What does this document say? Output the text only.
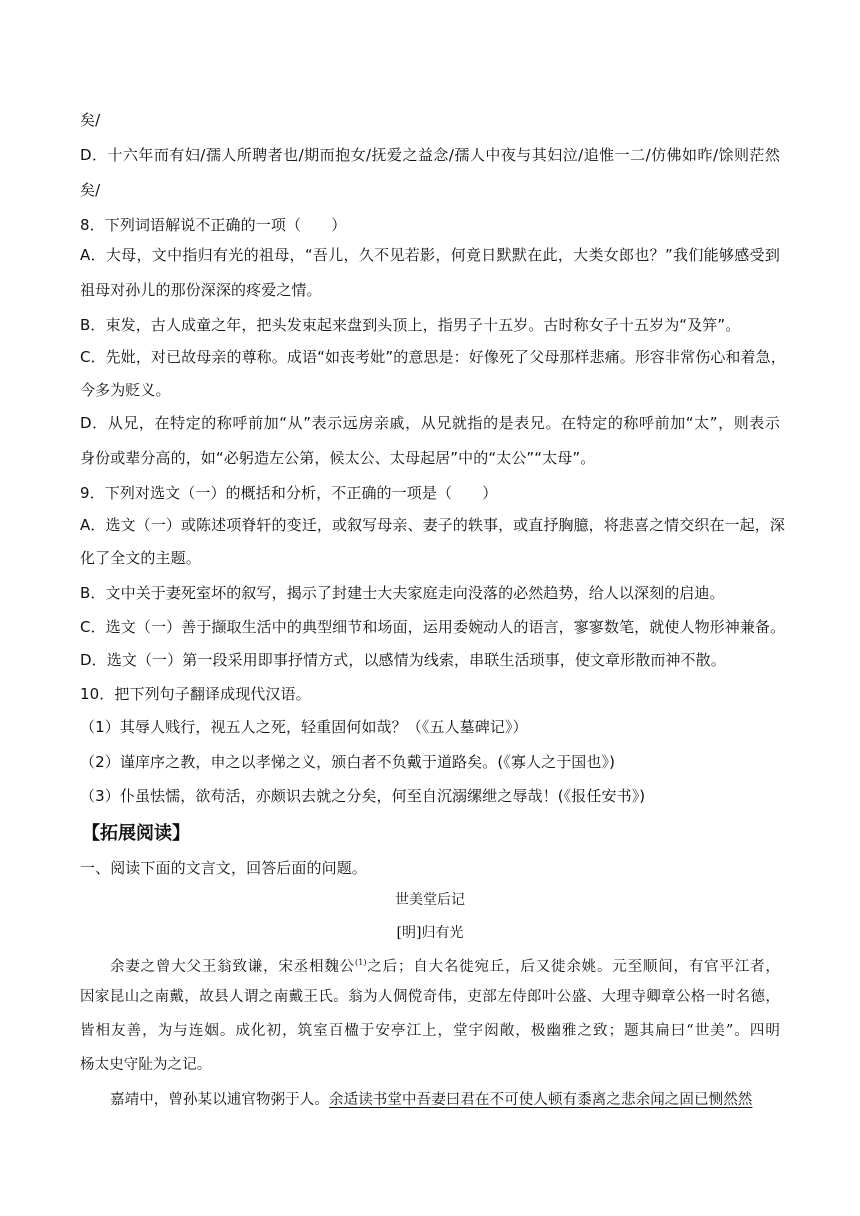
矣/
D．十六年而有妇/孺人所聘者也/期而抱女/抚爱之益念/孺人中夜与其妇泣/追惟一二/仿佛如昨/馀则茫然
矣/
8．下列词语解说不正确的一项（　　）
A．大母，文中指归有光的祖母，“吾儿，久不见若影，何竟日默默在此，大类女郎也？”我们能够感受到
祖母对孙儿的那份深深的疼爱之情。
B．束发，古人成童之年，把头发束起来盘到头顶上，指男子十五岁。古时称女子十五岁为“及笄”。
C．先妣，对已故母亲的尊称。成语“如丧考妣”的意思是：好像死了父母那样悲痛。形容非常伤心和着急，
今多为贬义。
D．从兄，在特定的称呼前加“从”表示远房亲戚，从兄就指的是表兄。在特定的称呼前加“太”，则表示
身份或辈分高的，如“必躬造左公第，候太公、太母起居”中的“太公”“太母”。
9．下列对选文（一）的概括和分析，不正确的一项是（　　）
A．选文（一）或陈述项脊轩的变迁，或叙写母亲、妻子的轶事，或直抒胸臆，将悲喜之情交织在一起，深
化了全文的主题。
B．文中关于妻死室坏的叙写，揭示了封建士大夫家庭走向没落的必然趋势，给人以深刻的启迪。
C．选文（一）善于撷取生活中的典型细节和场面，运用委婉动人的语言，寥寥数笔，就使人物形神兼备。
D．选文（一）第一段采用即事抒情方式，以感情为线索，串联生活琐事，使文章形散而神不散。
10．把下列句子翻译成现代汉语。
（1）其辱人贱行，视五人之死，轻重固何如哉？（《五人墓碑记》）
（2）谨庠序之教，申之以孝悌之义，颁白者不负戴于道路矣。(《寡人之于国也》)
（3）仆虽怯懦，欲苟活，亦颇识去就之分矣，何至自沉溺缧绁之辱哉！(《报任安书》)
【拓展阅读】
一、阅读下面的文言文，回答后面的问题。
世美堂后记
[明]归有光
余妻之曾大父王翁致谦，宋丞相魏公$^{(1)}$之后；自大名徙宛丘，后又徙余姚。元至顺间，有官平江者，
因家昆山之南戴，故县人谓之南戴王氏。翁为人倜傥奇伟，吏部左侍郎叶公盛、大理寺卿章公格一时名德，
皆相友善，为与连姻。成化初，筑室百楹于安亭江上，堂宇闳敞，极幽雅之致；题其扁曰“世美”。四明
杨太史守阯为之记。
嘉靖中，曾孙某以逋官物粥于人。余适读书堂中吾妻曰君在不可使人顿有黍离之悲余闻之固已恻然然
